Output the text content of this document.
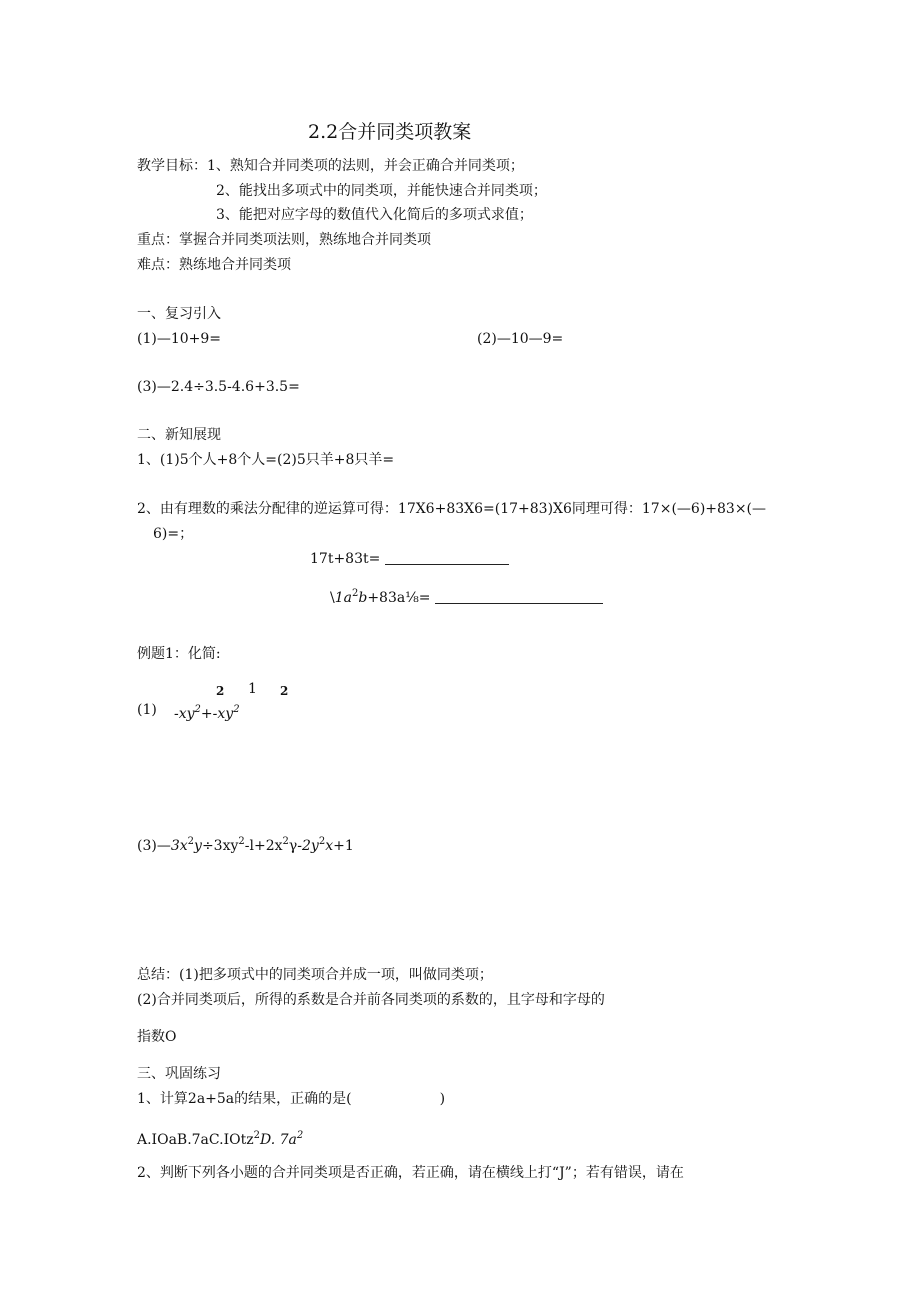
2.2合并同类项教案
教学目标：1、熟知合并同类项的法则，并会正确合并同类项；
2、能找出多项式中的同类项，并能快速合并同类项；
3、能把对应字母的数值代入化简后的多项式求值；
重点：掌握合并同类项法则，熟练地合并同类项
难点：熟练地合并同类项
一、复习引入
(1)—10+9=	(2)—10—9=
(3)—2.4÷3.5-4.6+3.5=
二、新知展现
1、(1)5个人+8个人=(2)5只羊+8只羊=
2、由有理数的乘法分配律的逆运算可得：17X6+83X6=(17+83)X6同理可得：17×(—6)+83×(—
6)=；
17t+83t=
$\backslash 1a^2b+83a\frac{1}{8}=$
例题1：化简:
2 1 2
(1) $-xy^2+-xy^2$
$(3)—3x^2y\div 3xy^2-l+2x^2\gamma-2y^2x+1$
总结：(1)把多项式中的同类项合并成一项，叫做同类项；
(2)合并同类项后，所得的系数是合并前各同类项的系数的，且字母和字母的
指数O
三、巩固练习
1、计算2a+5a的结果，正确的是(	)
A.IOaB.7aC.IOtz$^2$D. $7a^2$
2、判断下列各小题的合并同类项是否正确，若正确，请在横线上打“J”；若有错误，请在
